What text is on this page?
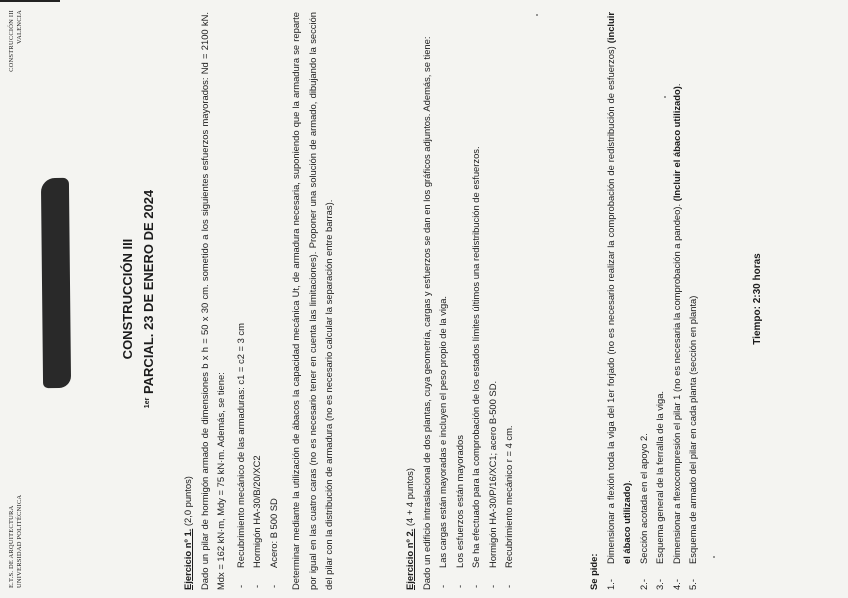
E.T.S. DE ARQUITECTURA UNIVERSIDAD POLITÉCNICA
CONSTRUCCIÓN III VALENCIA
CONSTRUCCIÓN III
$^{1er}$ PARCIAL. 23 DE ENERO DE 2024
Ejercicio nº 1. (2,0 puntos) Dado un pilar de hormigón armado de dimensiones b x h = 50 x 30 cm. sometido a los siguientes esfuerzos mayorados: Nd = 2100 kN. Mdx = 162 kN·m, Mdy = 75 kN·m. Además, se tiene: - Recubrimiento mecánico de las armaduras: c1 = c2 = 3 cm - Hormigón HA-30/B/20/XC2 - Acero: B 500 SD	Determinar mediante la utilización de ábacos la capacidad mecánica Ut, de armadura necesaria, suponiendo que la armadura se reparte por igual en las cuatro caras (no es necesario tener en cuenta las limitaciones). Proponer una solución de armado, dibujando la sección del pilar con la distribución de armadura (no es necesario calcular la separación entre barras).	Ejercicio nº 2. (4 + 4 puntos) Dado un edificio intraslacional de dos plantas, cuya geometría, cargas y esfuerzos se dan en los gráficos adjuntos. Además, se tiene: - Las cargas están mayoradas e incluyen el peso propio de la viga. - Los esfuerzos están mayorados - Se ha efectuado para la comprobación de los estados límites últimos una redistribución de esfuerzos. - Hormigón HA-30/P/16/XC1; acero B-500 SD. - Recubrimiento mecánico r = 4 cm.
Se pide: 1.-
Dimensionar a flexión toda la viga del 1er forjado (no es necesario realizar la comprobación de redistribución de esfuerzos) (incluir el ábaco utilizado).
2.-
Sección acotada en el apoyo 2.
3.-
Esquema general de la ferralla de la viga.
4.-
Dimensionar a flexocompresión el pilar 1 (no es necesaria la comprobación a pandeo). (Incluir el ábaco utilizado).
5.-
Esquema de armado del pilar en cada planta (sección en planta)	Tiempo: 2:30 horas
